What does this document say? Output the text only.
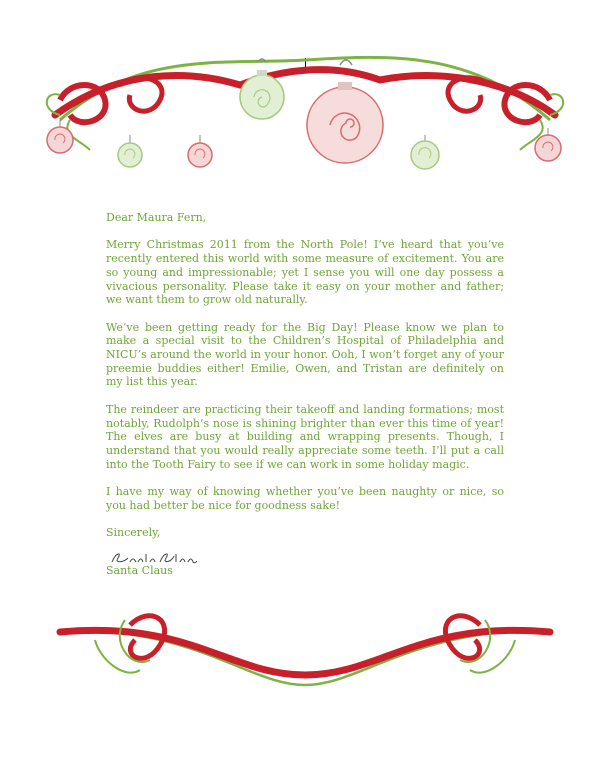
Dear Maura Fern,

Merry Christmas 2011 from the North Pole! I’ve heard that you’ve recently entered this world with some measure of excitement. You are so young and impressionable; yet I sense you will one day possess a vivacious personality. Please take it easy on your mother and father; we want them to grow old naturally.

We’ve been getting ready for the Big Day! Please know we plan to make a special visit to the Children’s Hospital of Philadelphia and NICU’s around the world in your honor. Ooh, I won’t forget any of your preemie buddies either! Emilie, Owen, and Tristan are definitely on my list this year.

The reindeer are practicing their takeoff and landing formations; most notably, Rudolph’s nose is shining brighter than ever this time of year! The elves are busy at building and wrapping presents. Though, I understand that you would really appreciate some teeth. I’ll put a call into the Tooth Fairy to see if we can work in some holiday magic.

I have my way of knowing whether you’ve been naughty or nice, so you had better be nice for goodness sake!

Sincerely,

Santa Claus
